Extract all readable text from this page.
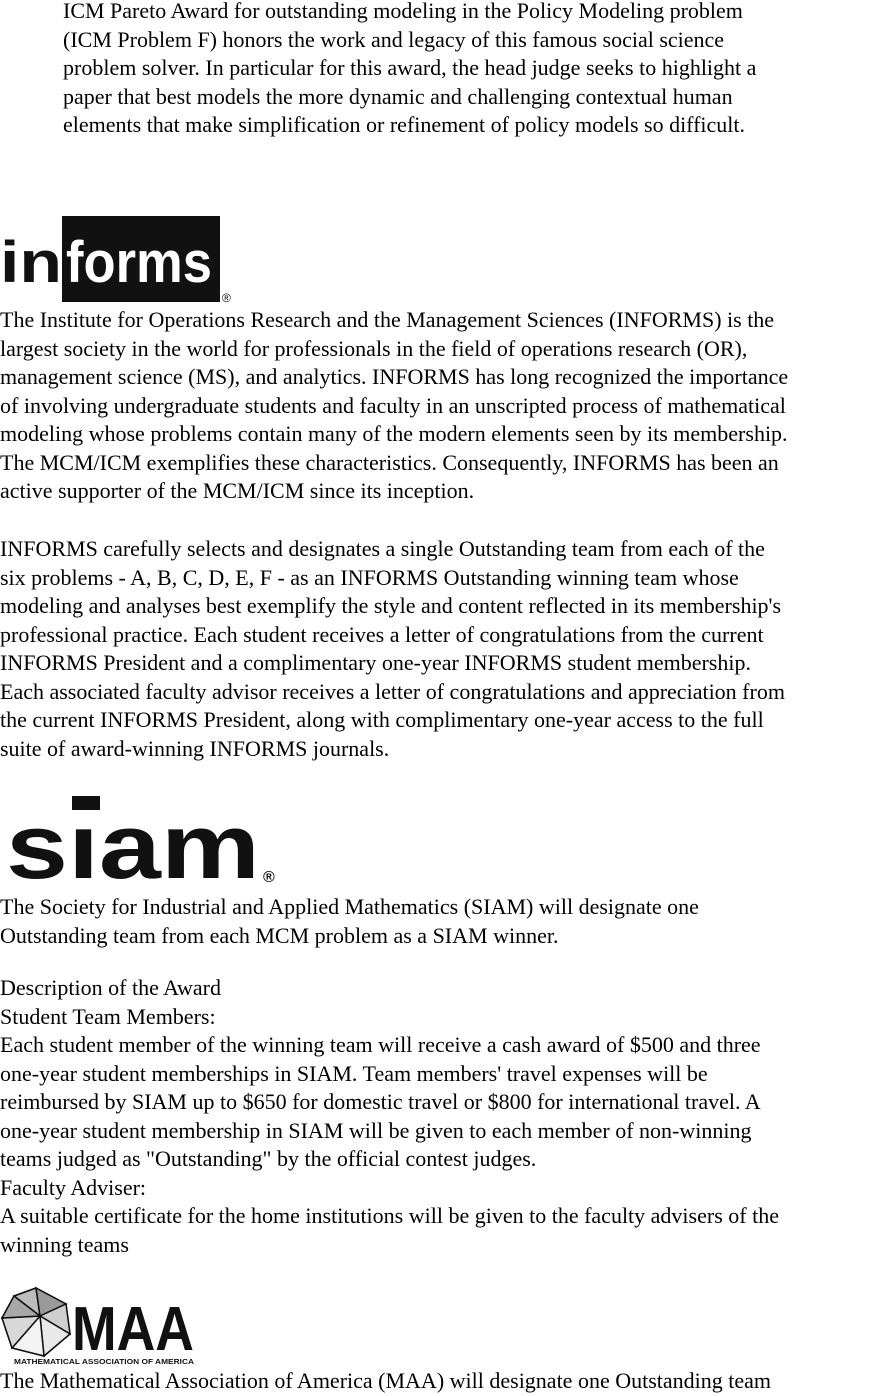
ICM Pareto Award for outstanding modeling in the Policy Modeling problem
(ICM Problem F) honors the work and legacy of this famous social science
problem solver. In particular for this award, the head judge seeks to highlight a
paper that best models the more dynamic and challenging contextual human
elements that make simplification or refinement of policy models so difficult.
in forms
®
The Institute for Operations Research and the Management Sciences (INFORMS) is the
largest society in the world for professionals in the field of operations research (OR),
management science (MS), and analytics. INFORMS has long recognized the importance
of involving undergraduate students and faculty in an unscripted process of mathematical
modeling whose problems contain many of the modern elements seen by its membership.
The MCM/ICM exemplifies these characteristics. Consequently, INFORMS has been an
active supporter of the MCM/ICM since its inception.
INFORMS carefully selects and designates a single Outstanding team from each of the
six problems - A, B, C, D, E, F - as an INFORMS Outstanding winning team whose
modeling and analyses best exemplify the style and content reflected in its membership's
professional practice. Each student receives a letter of congratulations from the current
INFORMS President and a complimentary one-year INFORMS student membership.
Each associated faculty advisor receives a letter of congratulations and appreciation from
the current INFORMS President, along with complimentary one-year access to the full
suite of award-winning INFORMS journals.
sıam ®
The Society for Industrial and Applied Mathematics (SIAM) will designate one
Outstanding team from each MCM problem as a SIAM winner.
Description of the Award
Student Team Members:
Each student member of the winning team will receive a cash award of $500 and three
one-year student memberships in SIAM. Team members' travel expenses will be
reimbursed by SIAM up to $650 for domestic travel or $800 for international travel. A
one-year student membership in SIAM will be given to each member of non-winning
teams judged as "Outstanding" by the official contest judges.
Faculty Adviser:
A suitable certificate for the home institutions will be given to the faculty advisers of the
winning teams
MAA
MATHEMATICAL ASSOCIATION OF AMERICA
The Mathematical Association of America (MAA) will designate one Outstanding team
